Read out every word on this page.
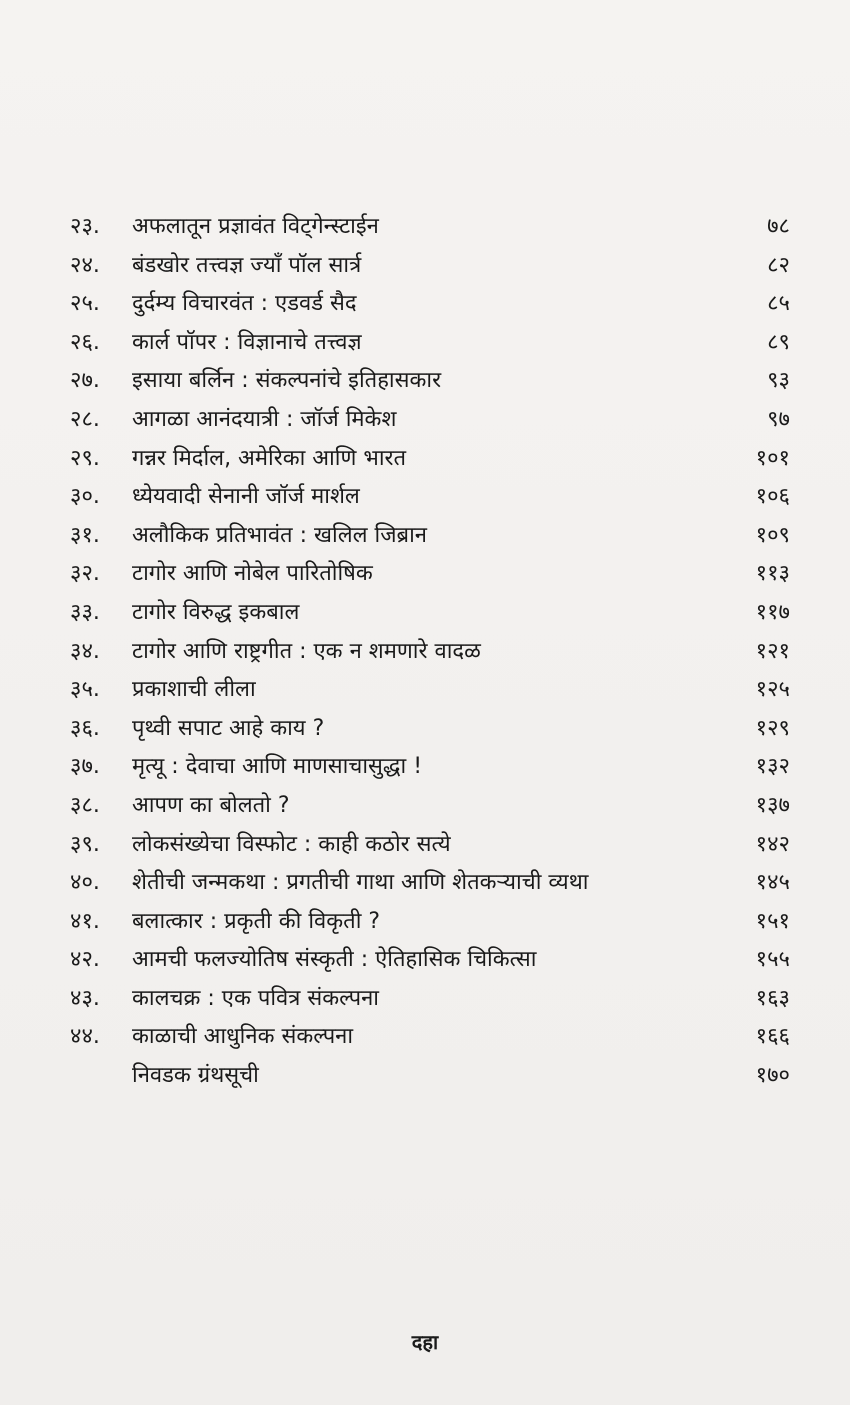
२३.	अफलातून प्रज्ञावंत विट्गेन्स्टाईन	७८
२४.	बंडखोर तत्त्वज्ञ ज्याँ पॉल सार्त्र	८२
२५.	दुर्दम्य विचारवंत : एडवर्ड सैद	८५
२६.	कार्ल पॉपर : विज्ञानाचे तत्त्वज्ञ	८९
२७.	इसाया बर्लिन : संकल्पनांचे इतिहासकार	९३
२८.	आगळा आनंदयात्री : जॉर्ज मिकेश	९७
२९.	गन्नर मिर्दाल, अमेरिका आणि भारत	१०१
३०.	ध्येयवादी सेनानी जॉर्ज मार्शल	१०६
३१.	अलौकिक प्रतिभावंत : खलिल जिब्रान	१०९
३२.	टागोर आणि नोबेल पारितोषिक	११३
३३.	टागोर विरुद्ध इकबाल	११७
३४.	टागोर आणि राष्ट्रगीत : एक न शमणारे वादळ	१२१
३५.	प्रकाशाची लीला	१२५
३६.	पृथ्वी सपाट आहे काय ?	१२९
३७.	मृत्यू : देवाचा आणि माणसाचासुद्धा !	१३२
३८.	आपण का बोलतो ?	१३७
३९.	लोकसंख्येचा विस्फोट : काही कठोर सत्ये	१४२
४०.	शेतीची जन्मकथा : प्रगतीची गाथा आणि शेतकऱ्याची व्यथा	१४५
४१.	बलात्कार : प्रकृती की विकृती ?	१५१
४२.	आमची फलज्योतिष संस्कृती : ऐतिहासिक चिकित्सा	१५५
४३.	कालचक्र : एक पवित्र संकल्पना	१६३
४४.	काळाची आधुनिक संकल्पना	१६६
निवडक ग्रंथसूची	१७०
दहा
